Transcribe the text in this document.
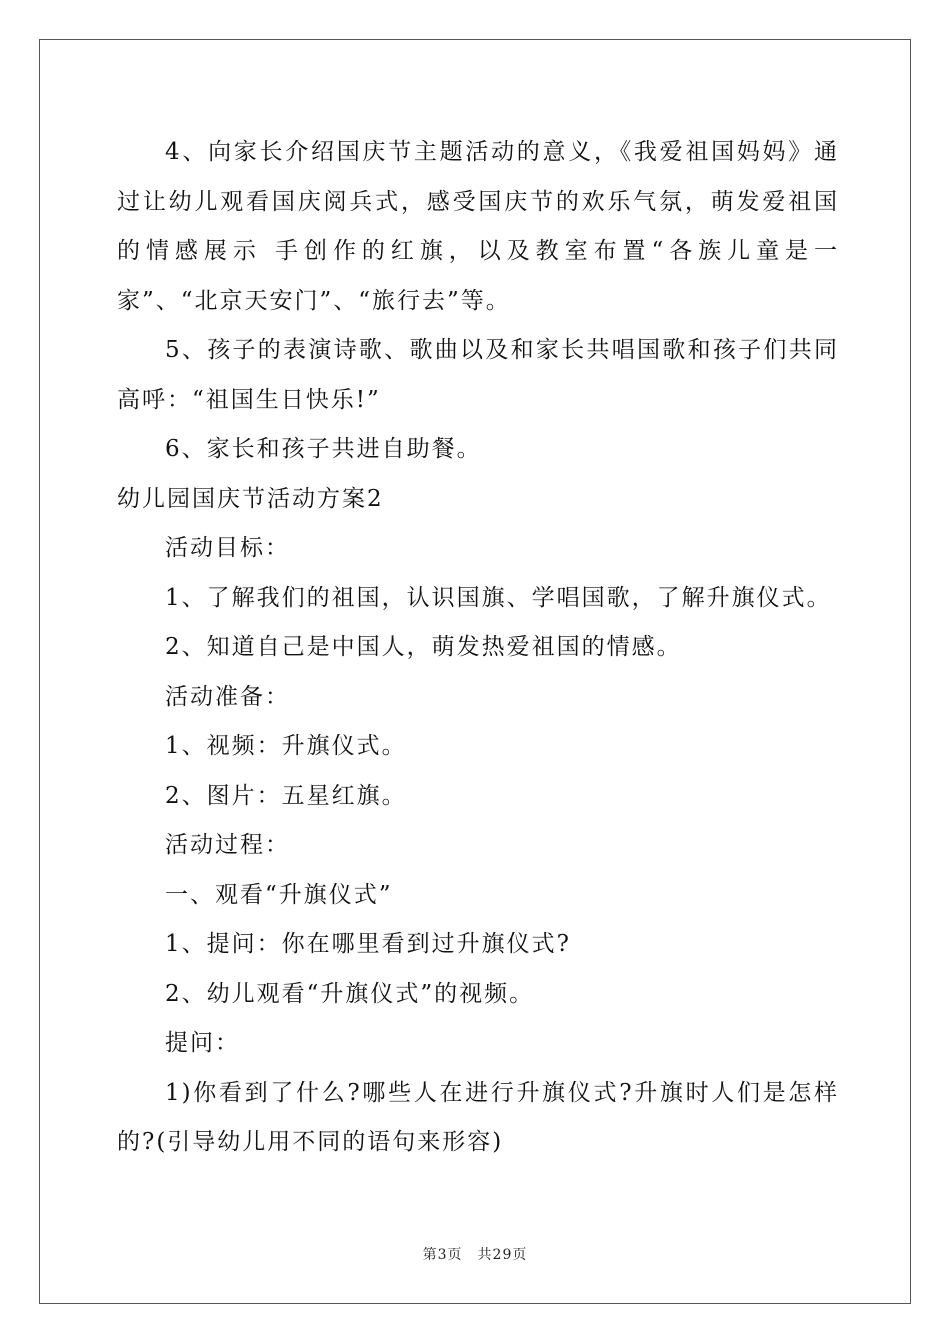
4、向家长介绍国庆节主题活动的意义，《我爱祖国妈妈》通过让幼儿观看国庆阅兵式，感受国庆节的欢乐气氛，萌发爱祖国的情感展示 手创作的红旗，以及教室布置“各族儿童是一家”、“北京天安门”、“旅行去”等。

5、孩子的表演诗歌、歌曲以及和家长共唱国歌和孩子们共同高呼：“祖国生日快乐!”

6、家长和孩子共进自助餐。

幼儿园国庆节活动方案2

活动目标：

1、了解我们的祖国，认识国旗、学唱国歌，了解升旗仪式。

2、知道自己是中国人，萌发热爱祖国的情感。

活动准备：

1、视频：升旗仪式。

2、图片：五星红旗。

活动过程：

一、观看“升旗仪式”

1、提问：你在哪里看到过升旗仪式?

2、幼儿观看“升旗仪式”的视频。

提问：

1)你看到了什么?哪些人在进行升旗仪式?升旗时人们是怎样的?(引导幼儿用不同的语句来形容)

第3页　共29页
